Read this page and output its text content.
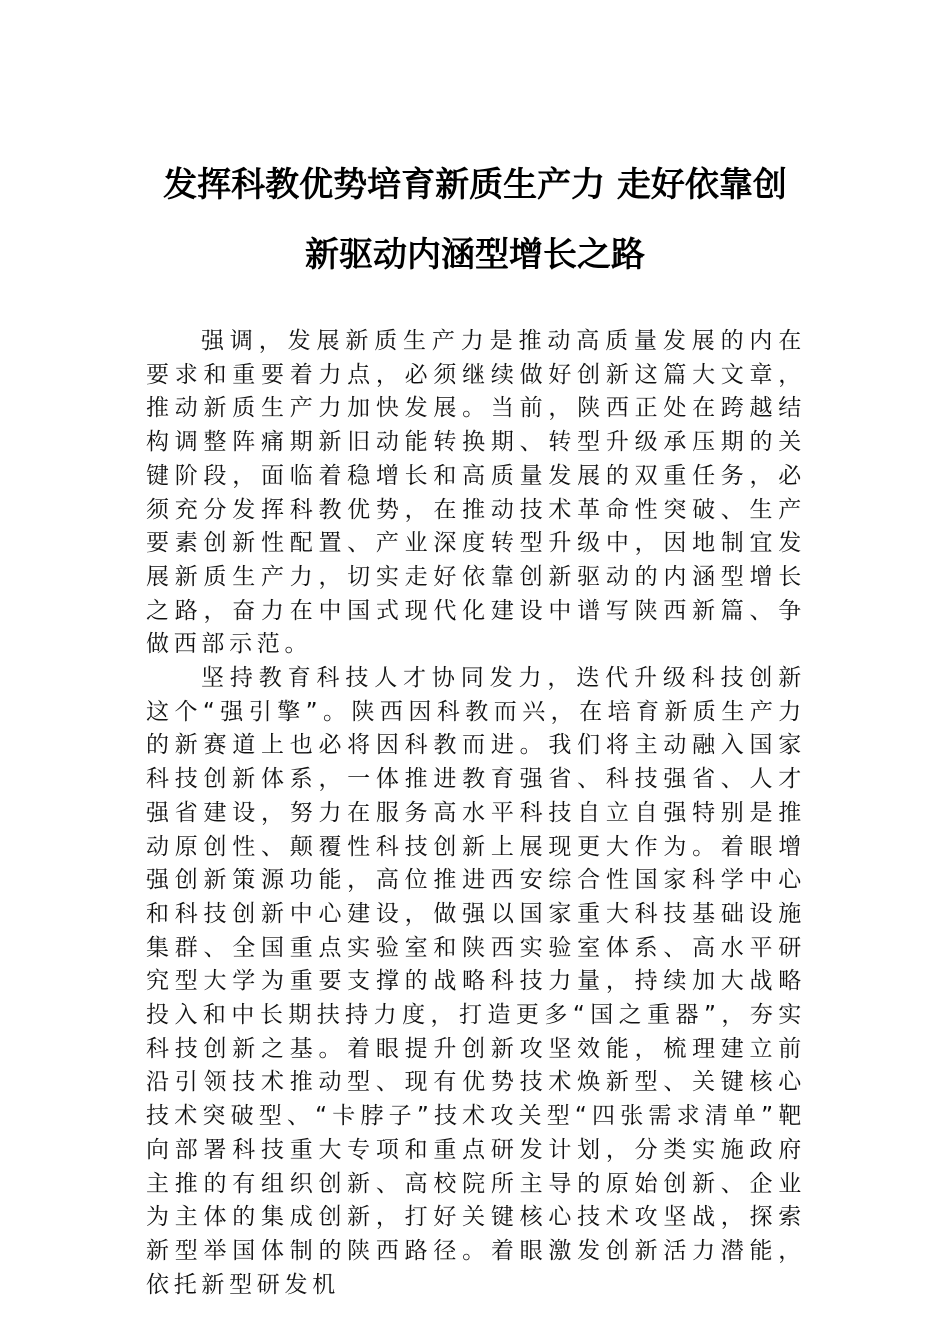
发挥科教优势培育新质生产力 走好依靠创
新驱动内涵型增长之路

强调，发展新质生产力是推动高质量发展的内在要求和重要着力点，必须继续做好创新这篇大文章，推动新质生产力加快发展。当前，陕西正处在跨越结构调整阵痛期新旧动能转换期、转型升级承压期的关键阶段，面临着稳增长和高质量发展的双重任务，必须充分发挥科教优势，在推动技术革命性突破、生产要素创新性配置、产业深度转型升级中，因地制宜发展新质生产力，切实走好依靠创新驱动的内涵型增长之路，奋力在中国式现代化建设中谱写陕西新篇、争做西部示范。

坚持教育科技人才协同发力，迭代升级科技创新这个“强引擎”。陕西因科教而兴，在培育新质生产力的新赛道上也必将因科教而进。我们将主动融入国家科技创新体系，一体推进教育强省、科技强省、人才强省建设，努力在服务高水平科技自立自强特别是推动原创性、颠覆性科技创新上展现更大作为。着眼增强创新策源功能，高位推进西安综合性国家科学中心和科技创新中心建设，做强以国家重大科技基础设施集群、全国重点实验室和陕西实验室体系、高水平研究型大学为重要支撑的战略科技力量，持续加大战略投入和中长期扶持力度，打造更多“国之重器”，夯实科技创新之基。着眼提升创新攻坚效能，梳理建立前沿引领技术推动型、现有优势技术焕新型、关键核心技术突破型、“卡脖子”技术攻关型“四张需求清单”靶向部署科技重大专项和重点研发计划，分类实施政府主推的有组织创新、高校院所主导的原始创新、企业为主体的集成创新，打好关键核心技术攻坚战，探索新型举国体制的陕西路径。着眼激发创新活力潜能，依托新型研发机
